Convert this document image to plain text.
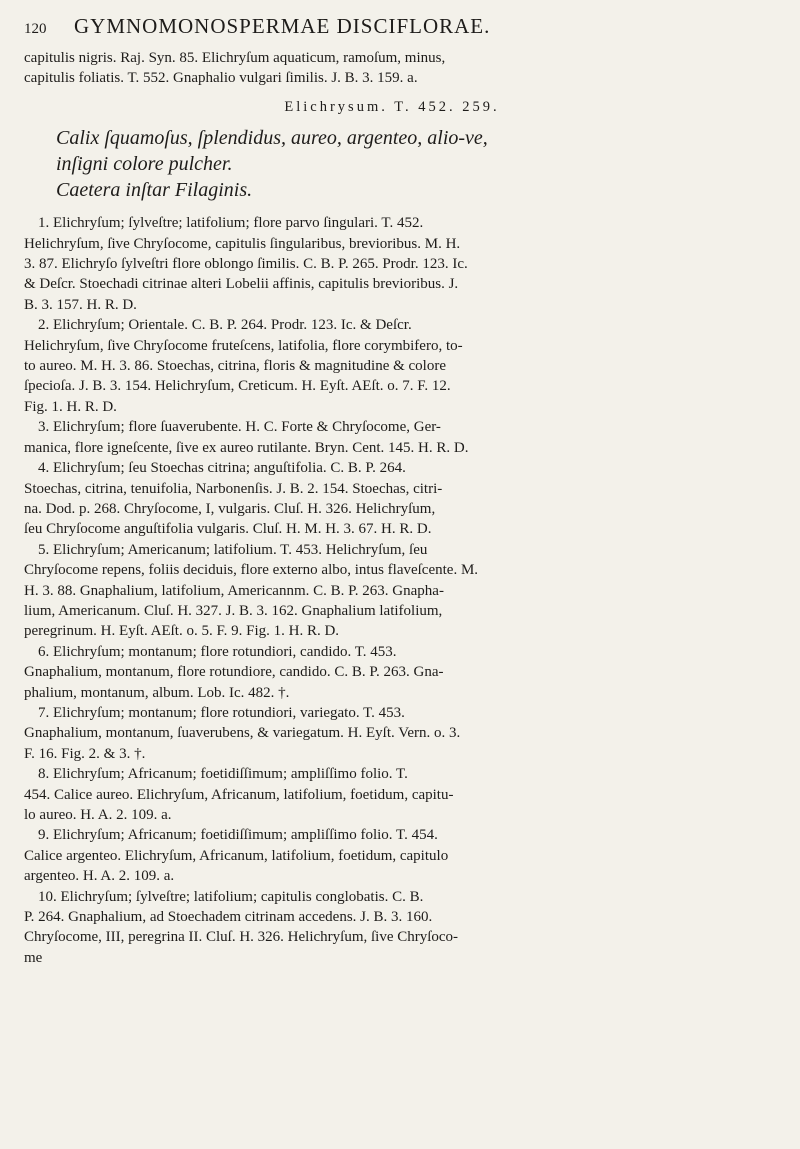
120	GYMNOMONOSPERMAE DISCIFLORAE.

capitulis nigris. Raj. Syn. 85. Elichryſum aquaticum, ramoſum, minus,

capitulis foliatis. T. 552. Gnaphalio vulgari ſimilis. J. B. 3. 159. a.

Elichrysum. T. 452. 259.
Calix ſquamoſus, ſplendidus, aureo, argenteo, alio-ve,
inſigni colore pulcher.
Caetera inſtar Filaginis.

1. Elichryſum; ſylveſtre; latifolium; flore parvo ſingulari. T. 452.

Helichryſum, ſive Chryſocome, capitulis ſingularibus, brevioribus. M. H.

3. 87. Elichryſo ſylveſtri flore oblongo ſimilis. C. B. P. 265. Prodr. 123. Ic.

& Deſcr. Stoechadi citrinae alteri Lobelii affinis, capitulis brevioribus. J.

B. 3. 157. H. R. D.

2. Elichryſum; Orientale. C. B. P. 264. Prodr. 123. Ic. & Deſcr.

Helichryſum, ſive Chryſocome fruteſcens, latifolia, flore corymbifero, to-

to aureo. M. H. 3. 86. Stoechas, citrina, floris & magnitudine & colore

ſpecioſa. J. B. 3. 154. Helichryſum, Creticum. H. Eyſt. AEſt. o. 7. F. 12.

Fig. 1. H. R. D.

3. Elichryſum; flore ſuaverubente. H. C. Forte & Chryſocome, Ger-

manica, flore igneſcente, ſive ex aureo rutilante. Bryn. Cent. 145. H. R. D.

4. Elichryſum; ſeu Stoechas citrina; anguſtifolia. C. B. P. 264.

Stoechas, citrina, tenuifolia, Narbonenſis. J. B. 2. 154. Stoechas, citri-

na. Dod. p. 268. Chryſocome, I, vulgaris. Cluſ. H. 326. Helichryſum,

ſeu Chryſocome anguſtifolia vulgaris. Cluſ. H. M. H. 3. 67. H. R. D.

5. Elichryſum; Americanum; latifolium. T. 453. Helichryſum, ſeu

Chryſocome repens, foliis deciduis, flore externo albo, intus flaveſcente. M.

H. 3. 88. Gnaphalium, latifolium, Americannm. C. B. P. 263. Gnapha-

lium, Americanum. Cluſ. H. 327. J. B. 3. 162. Gnaphalium latifolium,

peregrinum. H. Eyſt. AEſt. o. 5. F. 9. Fig. 1. H. R. D.

6. Elichryſum; montanum; flore rotundiori, candido. T. 453.

Gnaphalium, montanum, flore rotundiore, candido. C. B. P. 263. Gna-

phalium, montanum, album. Lob. Ic. 482. †.

7. Elichryſum; montanum; flore rotundiori, variegato. T. 453.

Gnaphalium, montanum, ſuaverubens, & variegatum. H. Eyſt. Vern. o. 3.

F. 16. Fig. 2. & 3. †.

8. Elichryſum; Africanum; foetidiſſimum; ampliſſimo folio. T.

454. Calice aureo. Elichryſum, Africanum, latifolium, foetidum, capitu-

lo aureo. H. A. 2. 109. a.

9. Elichryſum; Africanum; foetidiſſimum; ampliſſimo folio. T. 454.

Calice argenteo. Elichryſum, Africanum, latifolium, foetidum, capitulo

argenteo. H. A. 2. 109. a.

10. Elichryſum; ſylveſtre; latifolium; capitulis conglobatis. C. B.

P. 264. Gnaphalium, ad Stoechadem citrinam accedens. J. B. 3. 160.

Chryſocome, III, peregrina II. Cluſ. H. 326. Helichryſum, ſive Chryſoco-

me
